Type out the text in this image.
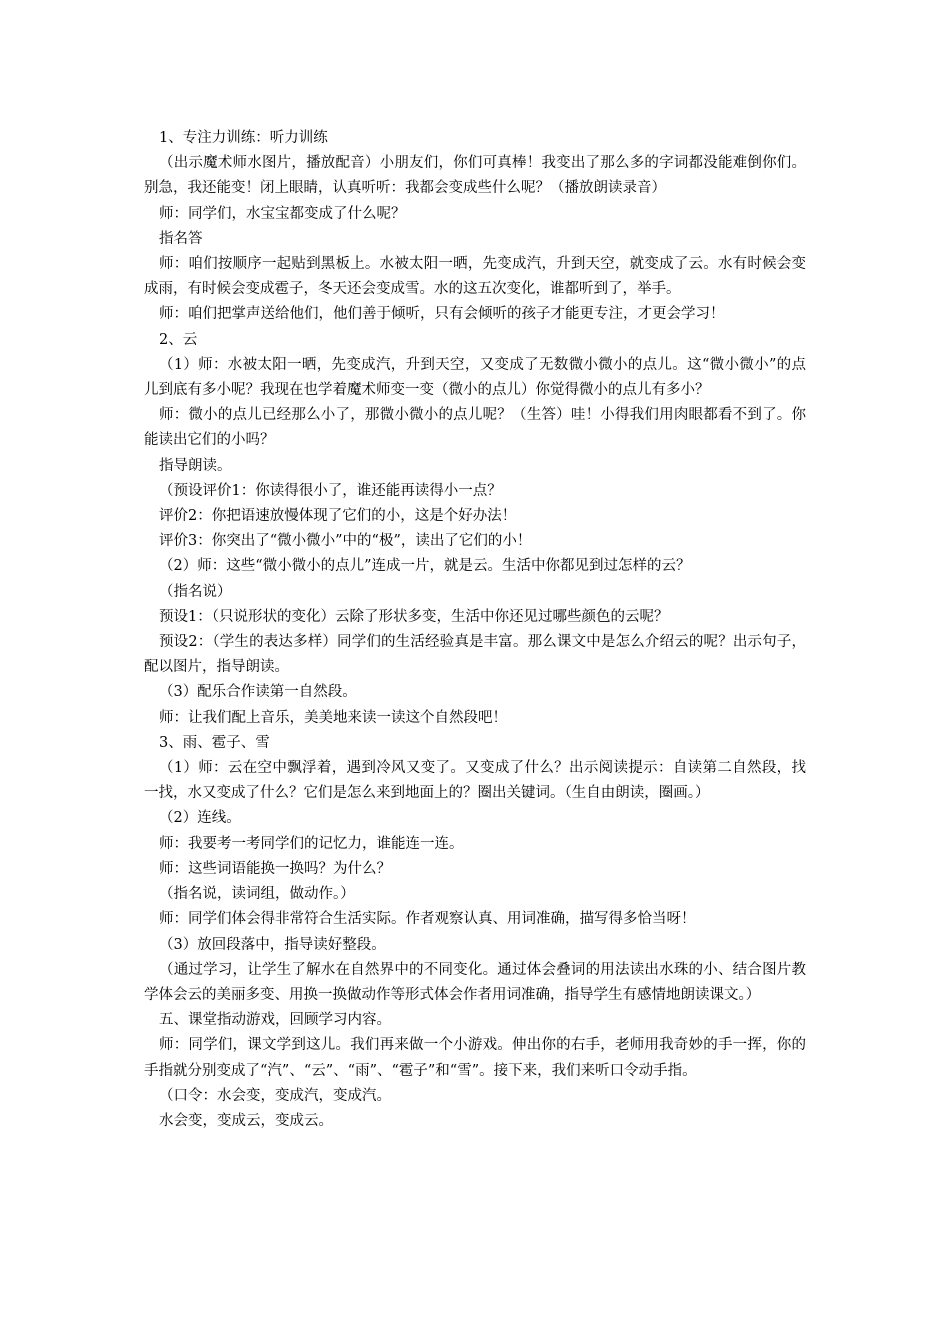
1、专注力训练：听力训练

（出示魔术师水图片，播放配音）小朋友们，你们可真棒！我变出了那么多的字词都没能难倒你们。别急，我还能变！闭上眼睛，认真听听：我都会变成些什么呢？（播放朗读录音）

师：同学们，水宝宝都变成了什么呢？

指名答

师：咱们按顺序一起贴到黑板上。水被太阳一晒，先变成汽，升到天空，就变成了云。水有时候会变成雨，有时候会变成雹子，冬天还会变成雪。水的这五次变化，谁都听到了，举手。

师：咱们把掌声送给他们，他们善于倾听，只有会倾听的孩子才能更专注，才更会学习！

2、云

（1）师：水被太阳一晒，先变成汽，升到天空，又变成了无数微小微小的点儿。这“微小微小”的点儿到底有多小呢？我现在也学着魔术师变一变（微小的点儿）你觉得微小的点儿有多小？

师：微小的点儿已经那么小了，那微小微小的点儿呢？（生答）哇！小得我们用肉眼都看不到了。你能读出它们的小吗？

指导朗读。

（预设评价1：你读得很小了，谁还能再读得小一点？

评价2：你把语速放慢体现了它们的小，这是个好办法！

评价3：你突出了“微小微小”中的“极”，读出了它们的小！

（2）师：这些“微小微小的点儿”连成一片，就是云。生活中你都见到过怎样的云？

（指名说）

预设1：（只说形状的变化）云除了形状多变，生活中你还见过哪些颜色的云呢？

预设2：（学生的表达多样）同学们的生活经验真是丰富。那么课文中是怎么介绍云的呢？出示句子，配以图片，指导朗读。

（3）配乐合作读第一自然段。

师：让我们配上音乐，美美地来读一读这个自然段吧！

3、雨、雹子、雪

（1）师：云在空中飘浮着，遇到冷风又变了。又变成了什么？出示阅读提示：自读第二自然段，找一找，水又变成了什么？它们是怎么来到地面上的？圈出关键词。（生自由朗读，圈画。）

（2）连线。

师：我要考一考同学们的记忆力，谁能连一连。

师：这些词语能换一换吗？为什么？

（指名说，读词组，做动作。）

师：同学们体会得非常符合生活实际。作者观察认真、用词准确，描写得多恰当呀！

（3）放回段落中，指导读好整段。

（通过学习，让学生了解水在自然界中的不同变化。通过体会叠词的用法读出水珠的小、结合图片教学体会云的美丽多变、用换一换做动作等形式体会作者用词准确，指导学生有感情地朗读课文。）

五、课堂指动游戏，回顾学习内容。

师：同学们，课文学到这儿。我们再来做一个小游戏。伸出你的右手，老师用我奇妙的手一挥，你的手指就分别变成了“汽”、“云”、“雨”、“雹子”和“雪”。接下来，我们来听口令动手指。

（口令：水会变，变成汽，变成汽。

水会变，变成云，变成云。
